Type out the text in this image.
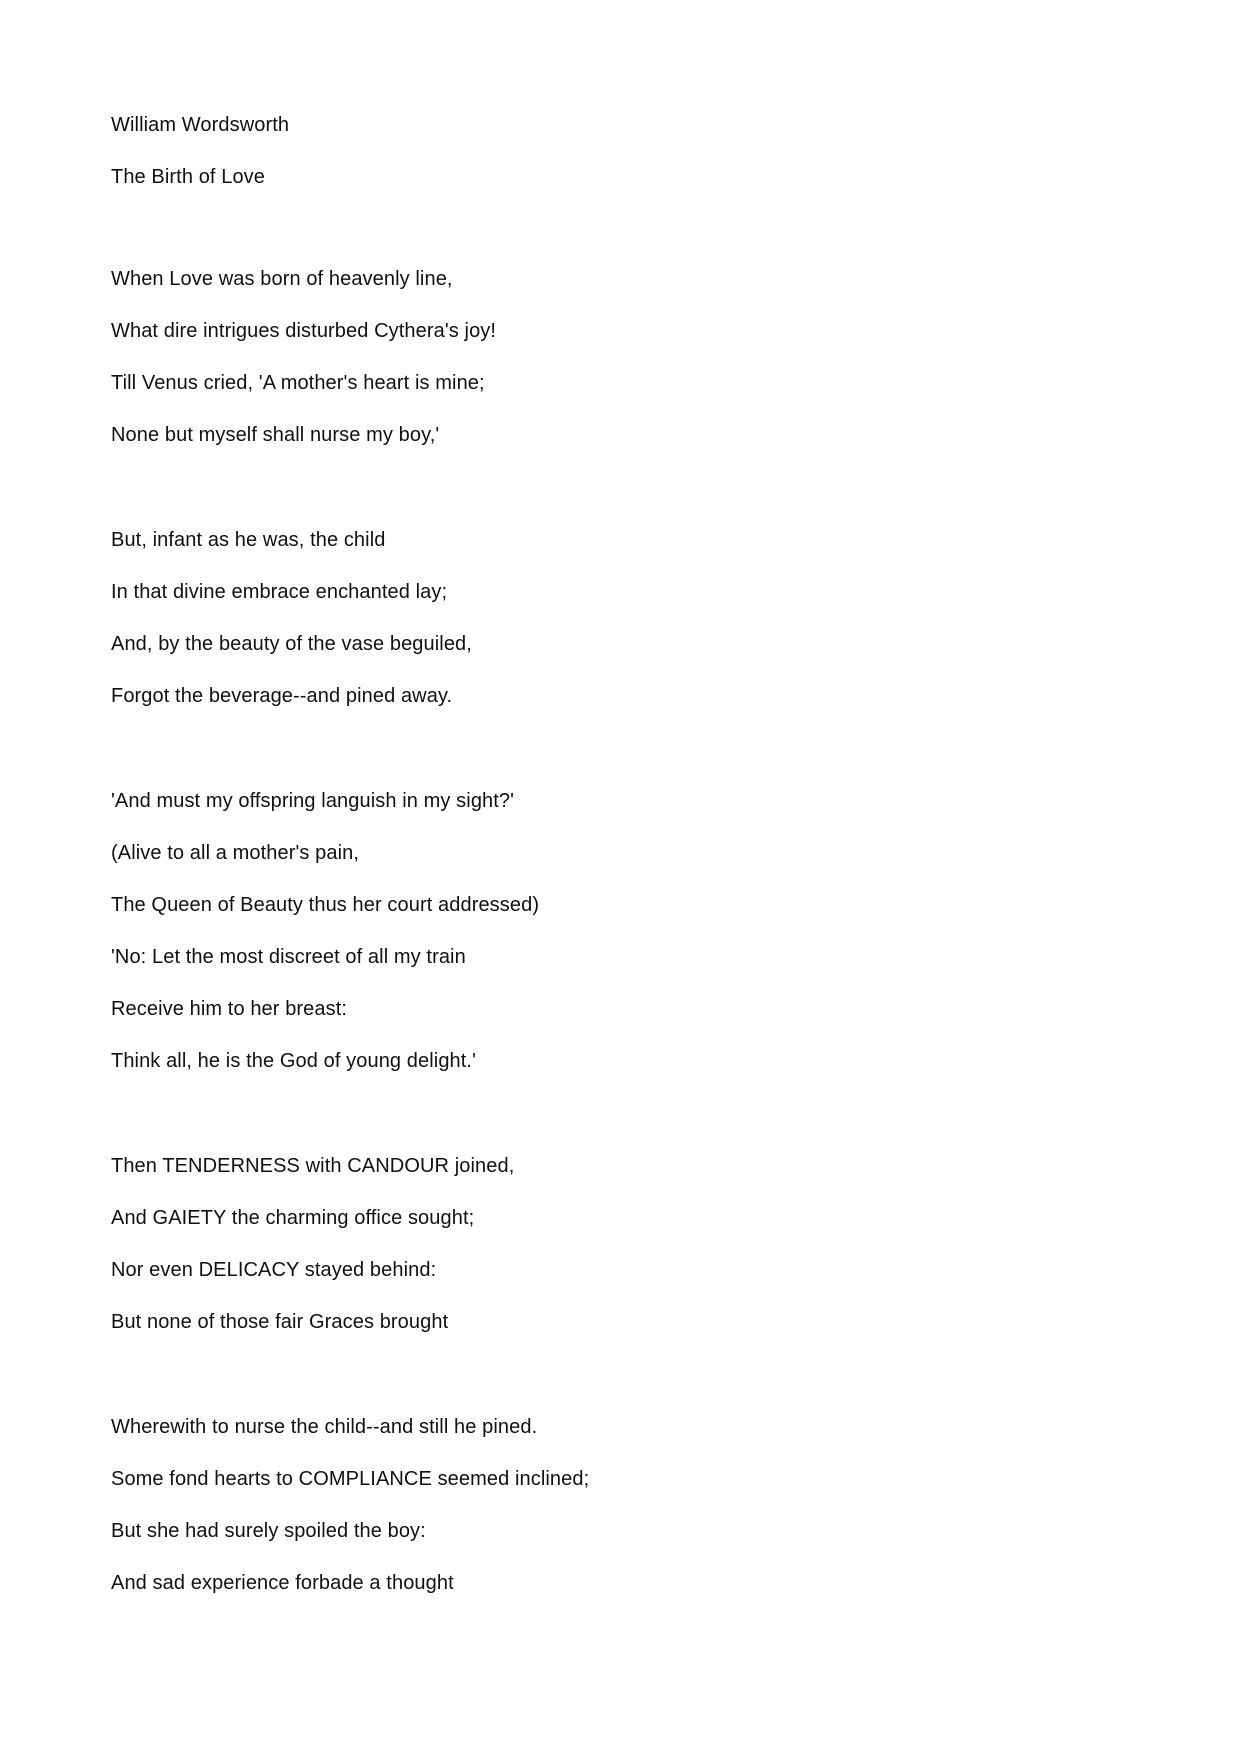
William Wordsworth
The Birth of Love
When Love was born of heavenly line,
What dire intrigues disturbed Cythera's joy!
Till Venus cried, 'A mother's heart is mine;
None but myself shall nurse my boy,'
But, infant as he was, the child
In that divine embrace enchanted lay;
And, by the beauty of the vase beguiled,
Forgot the beverage--and pined away.
'And must my offspring languish in my sight?'
(Alive to all a mother's pain,
The Queen of Beauty thus her court addressed)
'No: Let the most discreet of all my train
Receive him to her breast:
Think all, he is the God of young delight.'
Then TENDERNESS with CANDOUR joined,
And GAIETY the charming office sought;
Nor even DELICACY stayed behind:
But none of those fair Graces brought
Wherewith to nurse the child--and still he pined.
Some fond hearts to COMPLIANCE seemed inclined;
But she had surely spoiled the boy:
And sad experience forbade a thought
